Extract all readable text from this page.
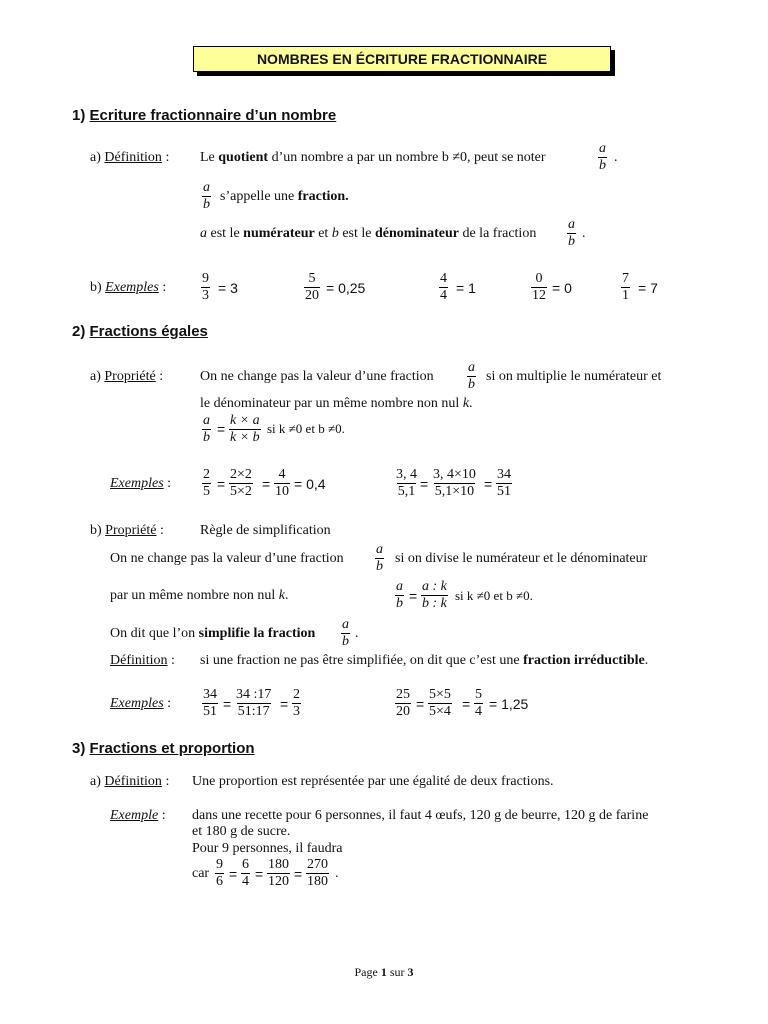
NOMBRES EN ÉCRITURE FRACTIONNAIRE
1) Ecriture fractionnaire d’un nombre
a) Définition : Le quotient d’un nombre a par un nombre b ≠0, peut se noter	$\frac{a}{b}$ .
$\frac{a}{b}$ s’appelle une fraction.
a est le numérateur et b est le dénominateur de la fraction $\frac{a}{b}$ .
b) Exemples : $\frac{9}{3} = 3$	$\frac{5}{20} = 0,25$	$\frac{4}{4} = 1$	$\frac{0}{12} = 0$	$\frac{7}{1} = 7$
2) Fractions égales
a) Propriété :	On ne change pas la valeur d’une fraction $\frac{a}{b}$ si on multiplie le numérateur et
le dénominateur par un même nombre non nul k.
$\frac{a}{b} = \frac{k \times a}{k \times b}$ si k ≠0 et b ≠0.
Exemples : $\frac{2}{5} = \frac{2\times 2}{5\times 2} = \frac{4}{10} = 0,4$	$\frac{3, 4}{5,1} = \frac{3, 4\times 10}{5,1\times 10} = \frac{34}{51}$
b) Propriété :	Règle de simplification
On ne change pas la valeur d’une fraction $\frac{a}{b}$ si on divise le numérateur et le dénominateur
par un même nombre non nul k.	$\frac{a}{b} = \frac{a : k}{b : k}$ si k ≠0 et b ≠0.
On dit que l’on simplifie la fraction $\frac{a}{b}$ .
Définition : si une fraction ne pas être simplifiée, on dit que c’est une fraction irréductible.
Exemples : $\frac{34}{51} = \frac{34 :17}{51:17} = \frac{2}{3}$	$\frac{25}{20} = \frac{5\times 5}{5\times 4} = \frac{5}{4} = 1,25$
3) Fractions et proportion
a) Définition : Une proportion est représentée par une égalité de deux fractions.
Exemple : dans une recette pour 6 personnes, il faut 4 œufs, 120 g de beurre, 120 g de farine
et 180 g de sucre.
Pour 9 personnes, il faudra
car $\frac{9}{6} = \frac{6}{4} = \frac{180}{120} = \frac{270}{180}$ .
Page 1 sur 3
